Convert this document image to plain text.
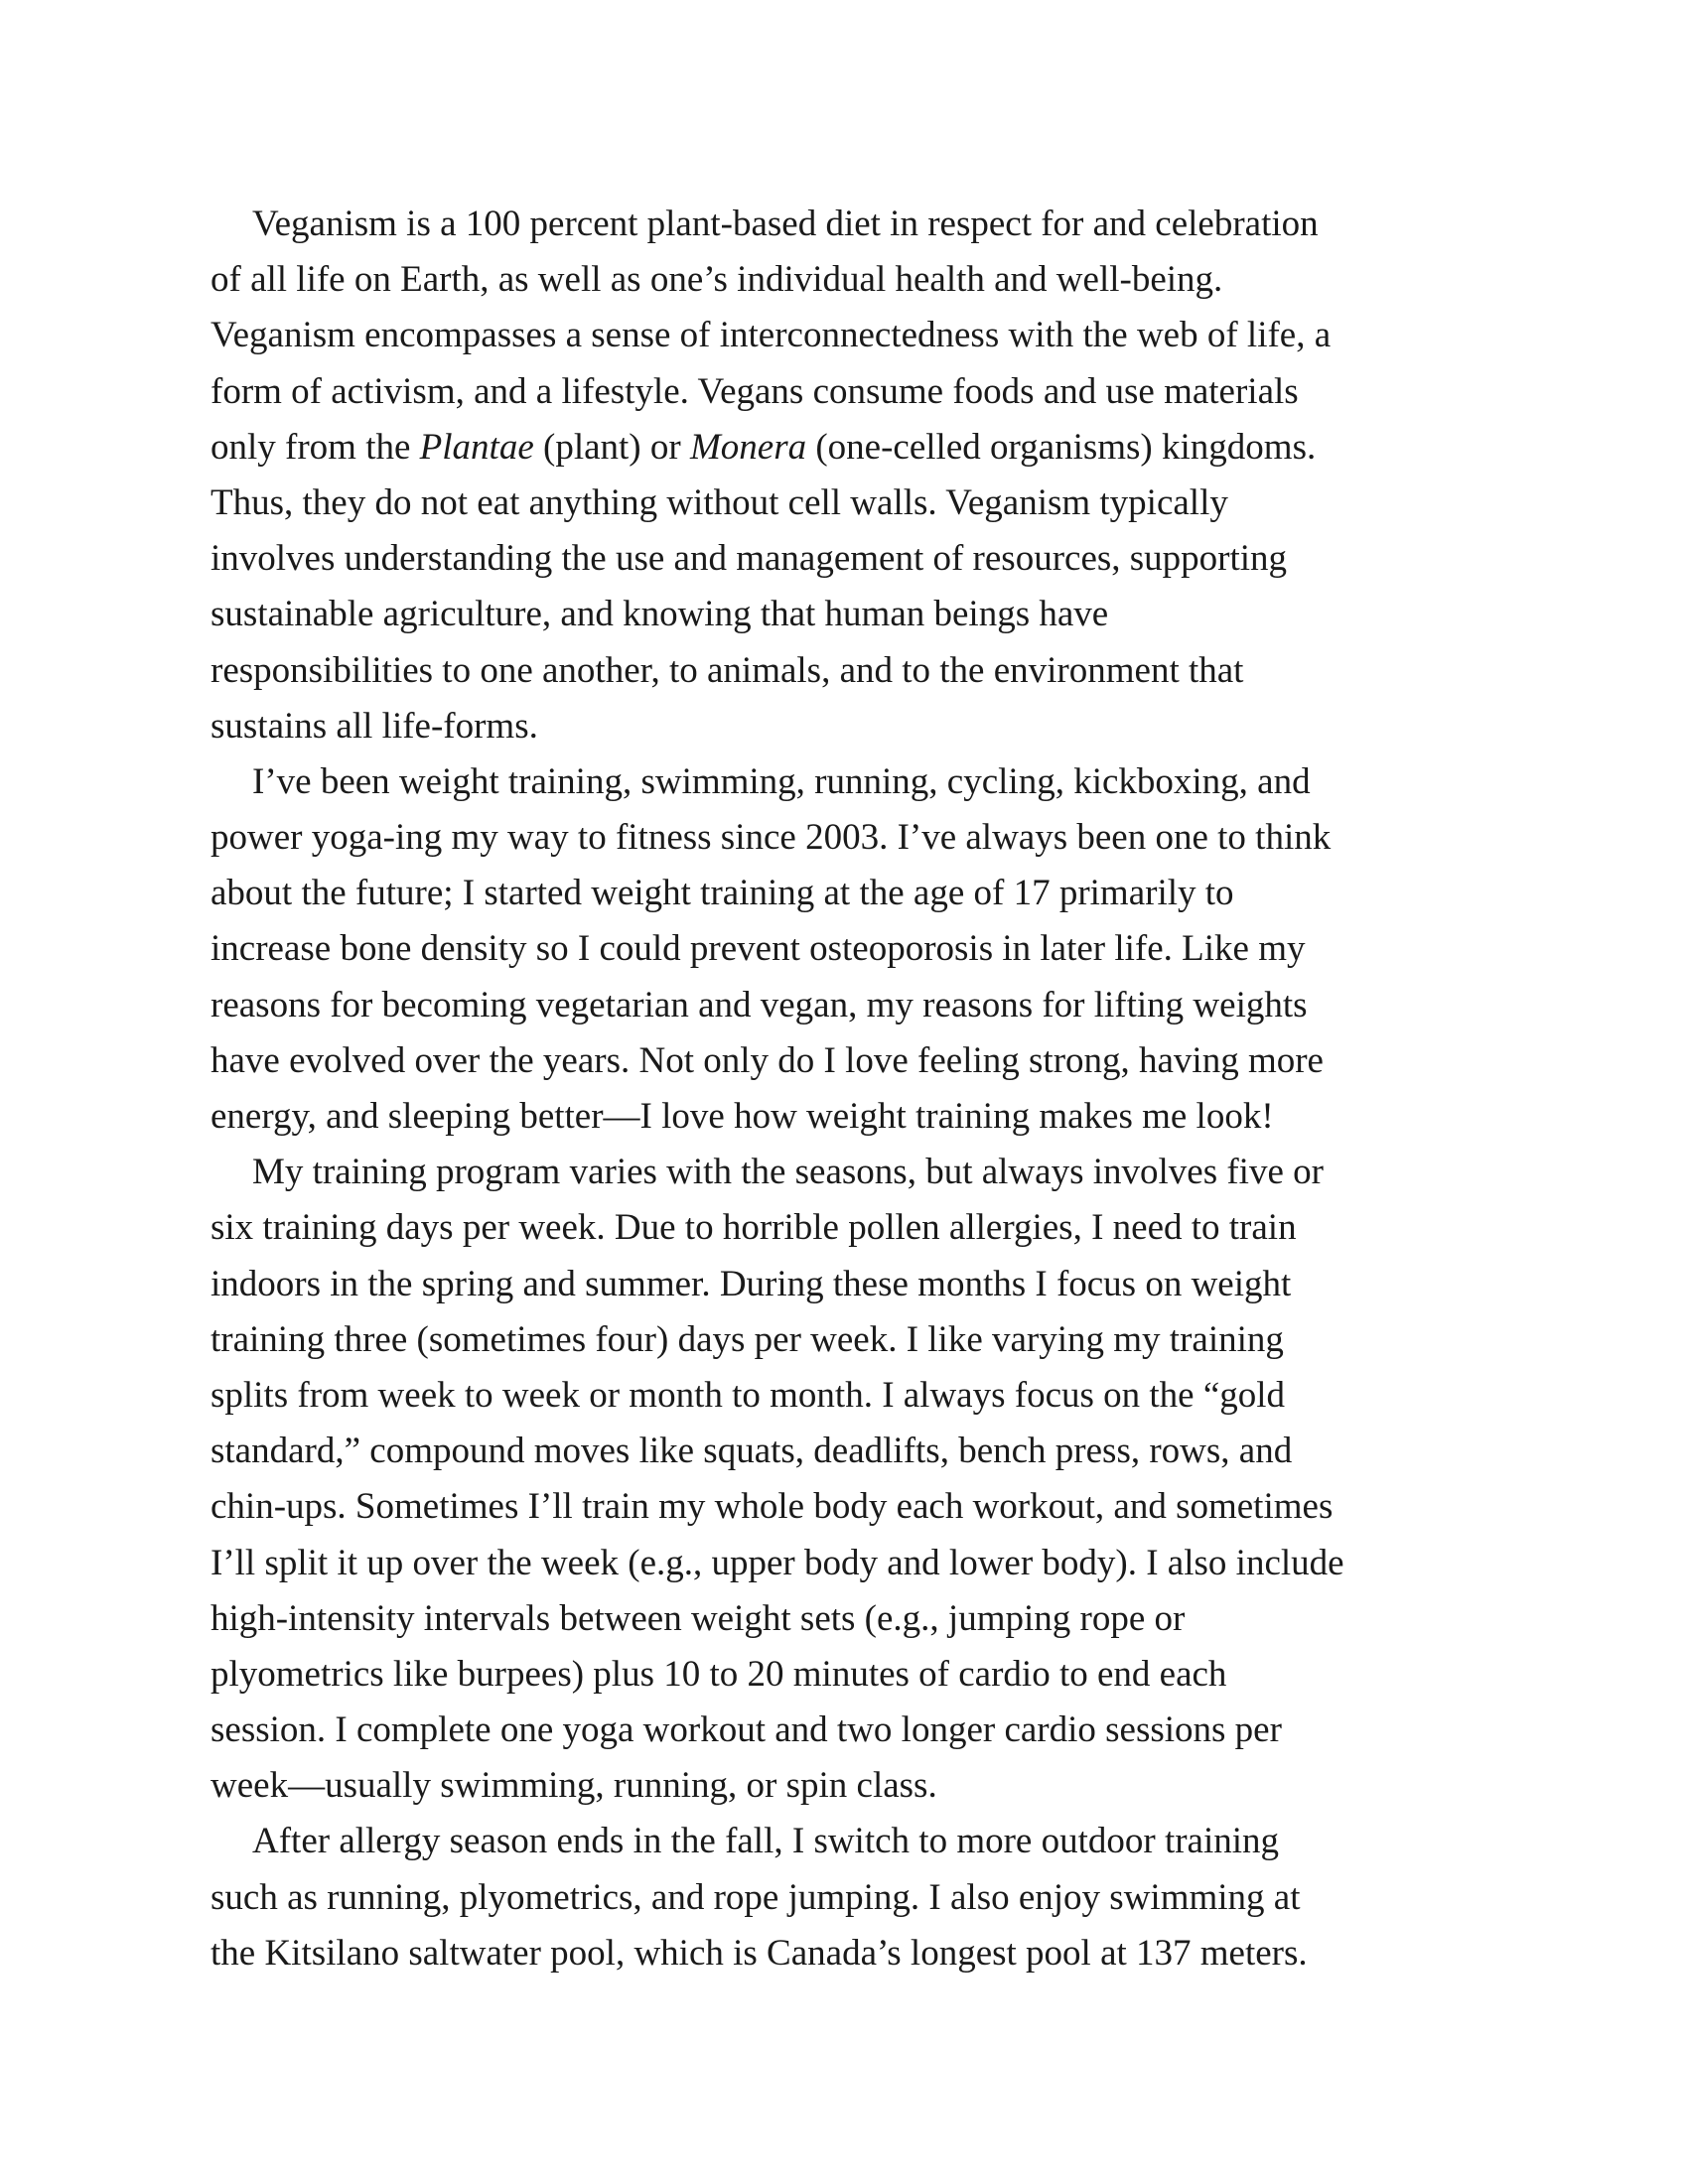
Veganism is a 100 percent plant-based diet in respect for and celebration
of all life on Earth, as well as one’s individual health and well-being.
Veganism encompasses a sense of interconnectedness with the web of life, a
form of activism, and a lifestyle. Vegans consume foods and use materials
only from the Plantae (plant) or Monera (one-celled organisms) kingdoms.
Thus, they do not eat anything without cell walls. Veganism typically
involves understanding the use and management of resources, supporting
sustainable agriculture, and knowing that human beings have
responsibilities to one another, to animals, and to the environment that
sustains all life-forms.
I’ve been weight training, swimming, running, cycling, kickboxing, and
power yoga-ing my way to fitness since 2003. I’ve always been one to think
about the future; I started weight training at the age of 17 primarily to
increase bone density so I could prevent osteoporosis in later life. Like my
reasons for becoming vegetarian and vegan, my reasons for lifting weights
have evolved over the years. Not only do I love feeling strong, having more
energy, and sleeping better—I love how weight training makes me look!
My training program varies with the seasons, but always involves five or
six training days per week. Due to horrible pollen allergies, I need to train
indoors in the spring and summer. During these months I focus on weight
training three (sometimes four) days per week. I like varying my training
splits from week to week or month to month. I always focus on the “gold
standard,” compound moves like squats, deadlifts, bench press, rows, and
chin-ups. Sometimes I’ll train my whole body each workout, and sometimes
I’ll split it up over the week (e.g., upper body and lower body). I also include
high-intensity intervals between weight sets (e.g., jumping rope or
plyometrics like burpees) plus 10 to 20 minutes of cardio to end each
session. I complete one yoga workout and two longer cardio sessions per
week—usually swimming, running, or spin class.
After allergy season ends in the fall, I switch to more outdoor training
such as running, plyometrics, and rope jumping. I also enjoy swimming at
the Kitsilano saltwater pool, which is Canada’s longest pool at 137 meters.
